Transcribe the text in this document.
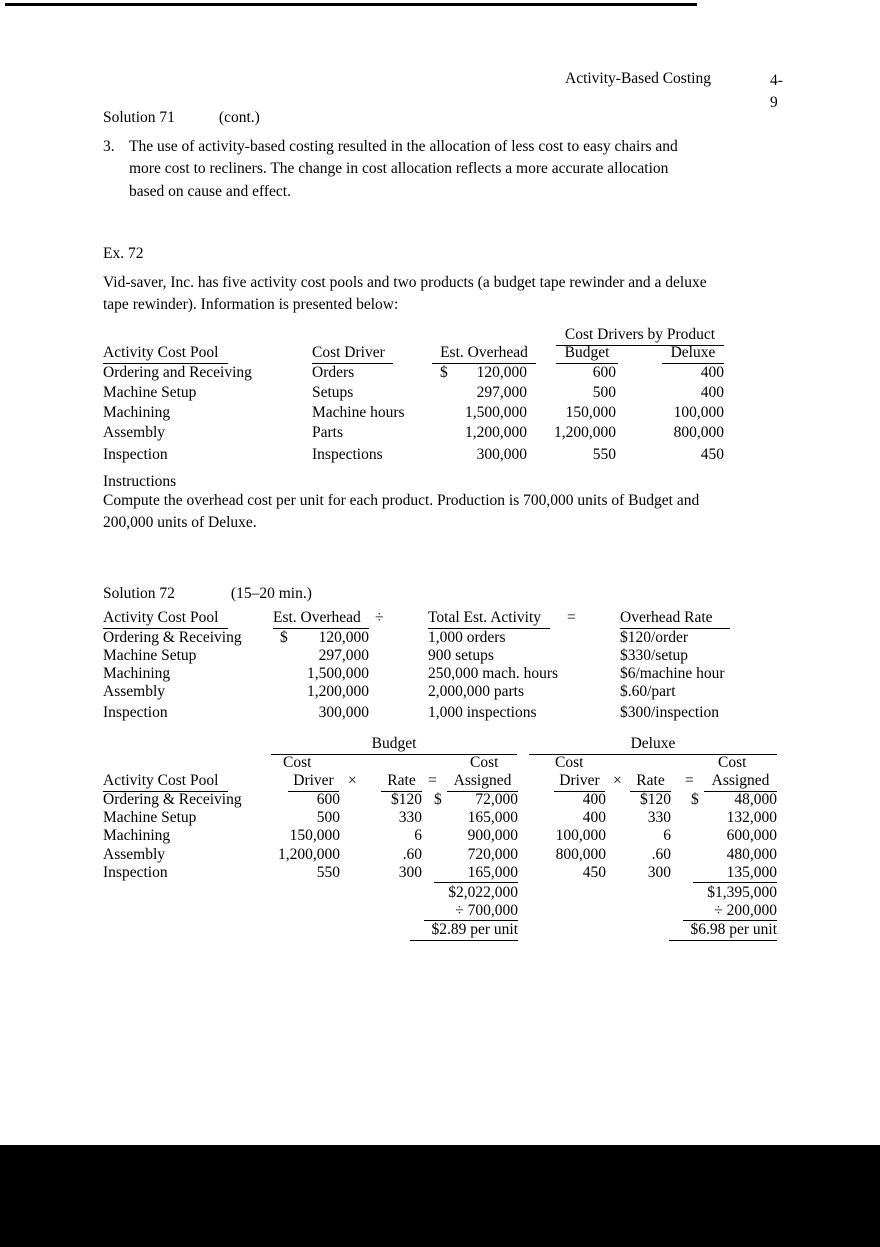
Activity-Based Costing	4-
9
Solution 71	(cont.)
3. The use of activity-based costing resulted in the allocation of less cost to easy chairs and more cost to recliners. The change in cost allocation reflects a more accurate allocation based on cause and effect.
Ex. 72
Vid-saver, Inc. has five activity cost pools and two products (a budget tape rewinder and a deluxe tape rewinder). Information is presented below:
Cost Drivers by Product
Activity Cost Pool	Cost Driver	Est. Overhead	Budget	Deluxe
Ordering and Receiving	Orders	$	120,000	600	400
Machine Setup	Setups	297,000	500	400
Machining	Machine hours	1,500,000	150,000	100,000
Assembly	Parts	1,200,000	1,200,000	800,000
Inspection	Inspections	300,000	550	450
Instructions
Compute the overhead cost per unit for each product. Production is 700,000 units of Budget and 200,000 units of Deluxe.
Solution 72	(15–20 min.)
Activity Cost Pool	Est. Overhead ÷	Total Est. Activity	=	Overhead Rate
Ordering & Receiving $	120,000	1,000 orders	$120/order
Machine Setup	297,000	900 setups	$330/setup
Machining	1,500,000	250,000 mach. hours	$6/machine hour
Assembly	1,200,000	2,000,000 parts	$.60/part
Inspection	300,000	1,000 inspections	$300/inspection
Budget	Deluxe
Cost	Cost	Cost	Cost
Activity Cost Pool	Driver ×	Rate =	Assigned	Driver × Rate	=	Assigned
Ordering & Receiving	600	$120 $	72,000	400	$120 $	48,000
Machine Setup	500	330	165,000	400	330	132,000
Machining	150,000	6	900,000	100,000	6	600,000
Assembly	1,200,000	.60	720,000	800,000	.60	480,000
Inspection	550	300	165,000	450	300	135,000
$2,022,000	$1,395,000
÷ 700,000	÷ 200,000
$2.89 per unit	$6.98 per unit
